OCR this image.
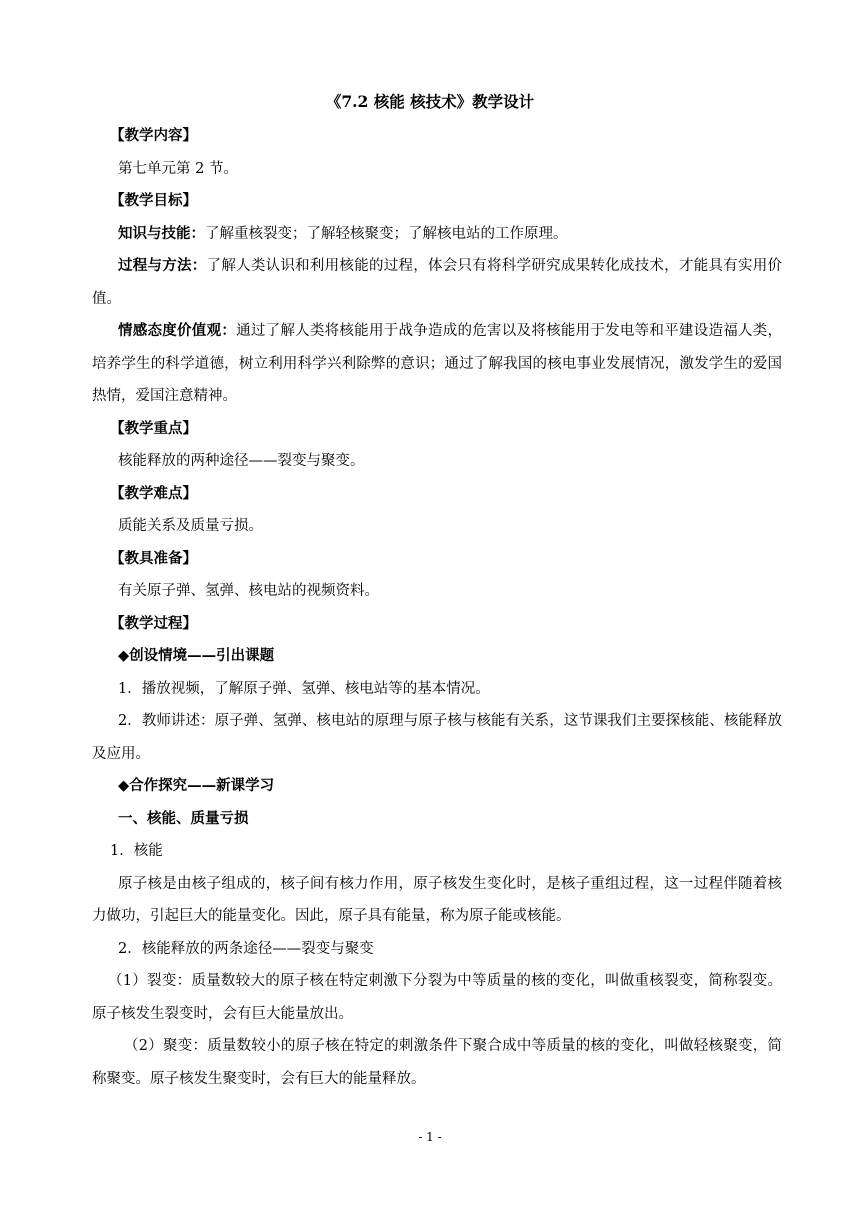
《7.2 核能 核技术》教学设计

【教学内容】

第七单元第 2 节。

【教学目标】

知识与技能：了解重核裂变；了解轻核聚变；了解核电站的工作原理。

过程与方法：了解人类认识和利用核能的过程，体会只有将科学研究成果转化成技术，才能具有实用价值。

情感态度价值观：通过了解人类将核能用于战争造成的危害以及将核能用于发电等和平建设造福人类，培养学生的科学道德，树立利用科学兴利除弊的意识；通过了解我国的核电事业发展情况，激发学生的爱国热情，爱国注意精神。

【教学重点】

核能释放的两种途径——裂变与聚变。

【教学难点】

质能关系及质量亏损。

【教具准备】

有关原子弹、氢弹、核电站的视频资料。

【教学过程】

◆创设情境——引出课题

1．播放视频，了解原子弹、氢弹、核电站等的基本情况。

2．教师讲述：原子弹、氢弹、核电站的原理与原子核与核能有关系，这节课我们主要探核能、核能释放及应用。

◆合作探究——新课学习

一、核能、质量亏损

1．核能

原子核是由核子组成的，核子间有核力作用，原子核发生变化时，是核子重组过程，这一过程伴随着核力做功，引起巨大的能量变化。因此，原子具有能量，称为原子能或核能。

2．核能释放的两条途径——裂变与聚变

（1）裂变：质量数较大的原子核在特定刺激下分裂为中等质量的核的变化，叫做重核裂变，简称裂变。原子核发生裂变时，会有巨大能量放出。

（2）聚变：质量数较小的原子核在特定的刺激条件下聚合成中等质量的核的变化，叫做轻核聚变，简称聚变。原子核发生聚变时，会有巨大的能量释放。

- 1 -
